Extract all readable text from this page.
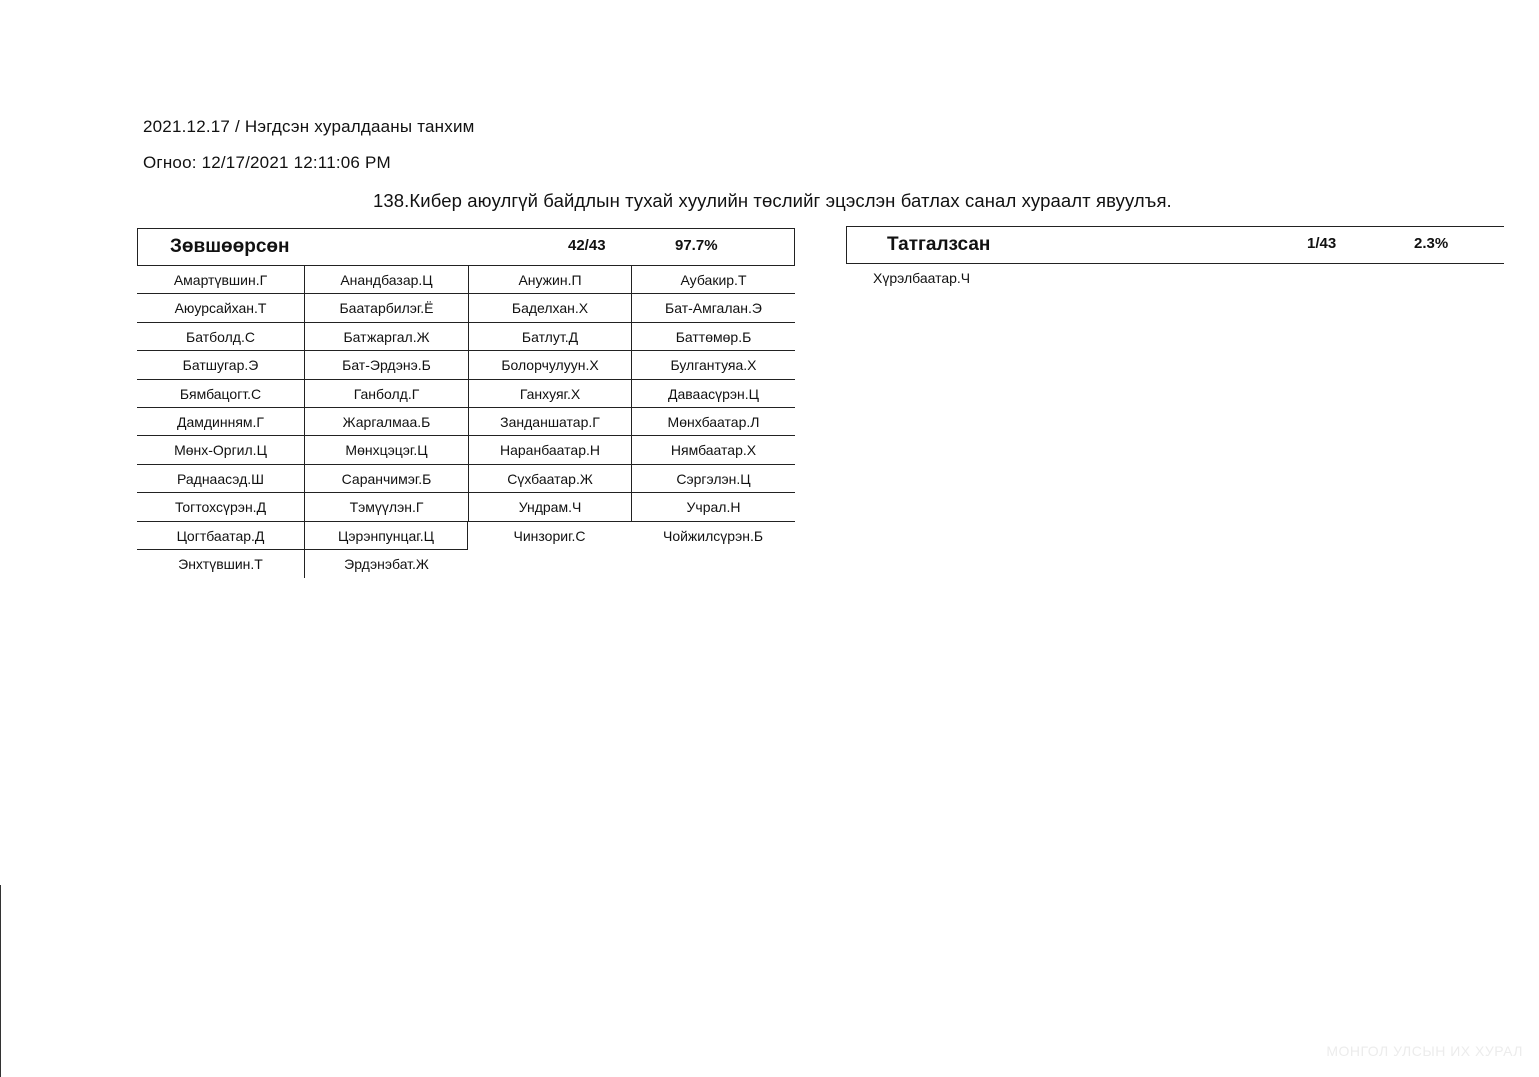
2021.12.17 / Нэгдсэн хуралдааны танхим
Огноо: 12/17/2021 12:11:06 PM
138.Кибер аюулгүй байдлын тухай хуулийн төслийг эцэслэн батлах санал хураалт явуулъя.
Зөвшөөрсөн	42/43	97.7%
Амартүвшин.Г	Анандбазар.Ц	Анужин.П	Аубакир.Т
Аюурсайхан.Т	Баатарбилэг.Ё	Баделхан.Х	Бат-Амгалан.Э
Батболд.С	Батжаргал.Ж	Батлут.Д	Баттөмөр.Б
Батшугар.Э	Бат-Эрдэнэ.Б	Болорчулуун.Х	Булгантуяа.Х
Бямбацогт.С	Ганболд.Г	Ганхуяг.Х	Даваасүрэн.Ц
Дамдинням.Г	Жаргалмаа.Б	Занданшатар.Г	Мөнхбаатар.Л
Мөнх-Оргил.Ц	Мөнхцэцэг.Ц	Наранбаатар.Н	Нямбаатар.Х
Раднаасэд.Ш	Саранчимэг.Б	Сүхбаатар.Ж	Сэргэлэн.Ц
Тогтохсүрэн.Д	Тэмүүлэн.Г	Ундрам.Ч	Учрал.Н
Цогтбаатар.Д	Цэрэнпунцаг.Ц	Чинзориг.С	Чойжилсүрэн.Б
Энхтүвшин.Т	Эрдэнэбат.Ж
Татгалзсан	1/43	2.3%
Хүрэлбаатар.Ч
МОНГОЛ УЛСЫН ИХ ХУРАЛ
